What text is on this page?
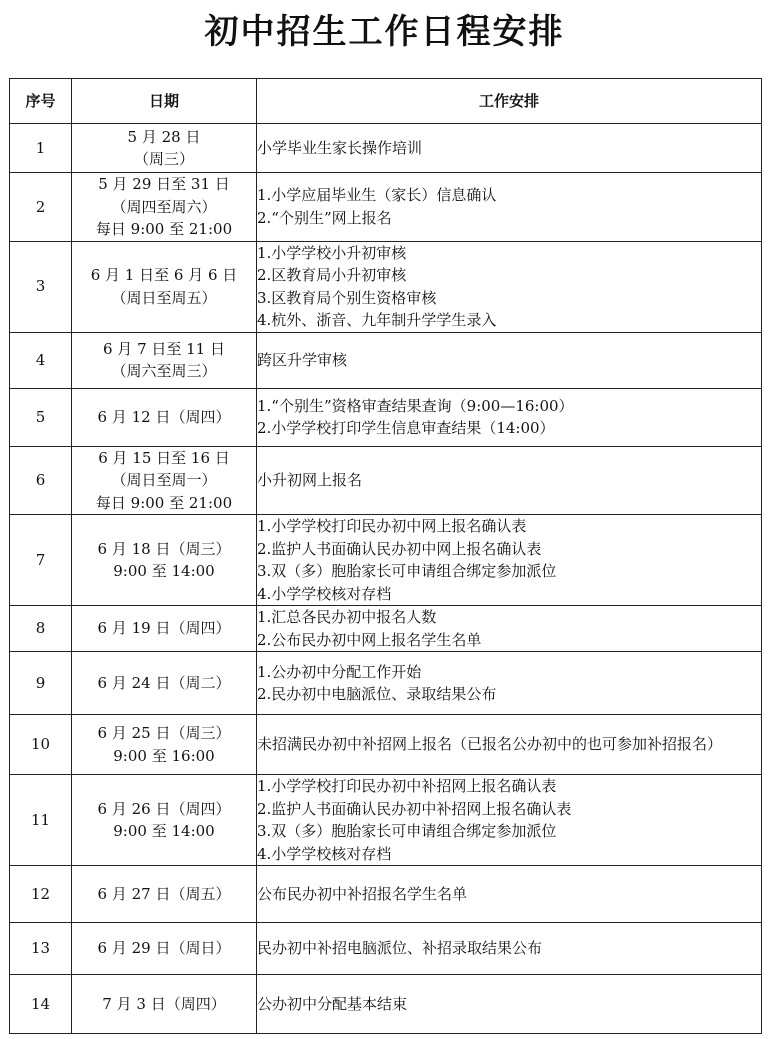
初中招生工作日程安排
序号	日期	工作安排
1	5 月 28 日
（周三）	小学毕业生家长操作培训

2	5 月 29 日至 31 日
（周四至周六）
每日 9:00 至 21:00	1.小学应届毕业生（家长）信息确认
2.“个别生”网上报名

3	6 月 1 日至 6 月 6 日
（周日至周五）	1.小学学校小升初审核
2.区教育局小升初审核
3.区教育局个别生资格审核
4.杭外、浙音、九年制升学学生录入

4	6 月 7 日至 11 日
（周六至周三）	跨区升学审核

5	6 月 12 日（周四）	1.“个别生”资格审查结果查询（9:00—16:00）
2.小学学校打印学生信息审查结果（14:00）

6	6 月 15 日至 16 日
（周日至周一）
每日 9:00 至 21:00	小升初网上报名

7	6 月 18 日（周三）
9:00 至 14:00	1.小学学校打印民办初中网上报名确认表
2.监护人书面确认民办初中网上报名确认表
3.双（多）胞胎家长可申请组合绑定参加派位
4.小学学校核对存档

8	6 月 19 日（周四）	1.汇总各民办初中报名人数
2.公布民办初中网上报名学生名单

9	6 月 24 日（周二）	1.公办初中分配工作开始
2.民办初中电脑派位、录取结果公布

10	6 月 25 日（周三）
9:00 至 16:00	未招满民办初中补招网上报名（已报名公办初中的也可参加补招报名）
11	6 月 26 日（周四）
9:00 至 14:00	1.小学学校打印民办初中补招网上报名确认表
2.监护人书面确认民办初中补招网上报名确认表
3.双（多）胞胎家长可申请组合绑定参加派位
4.小学学校核对存档

12	6 月 27 日（周五）	公布民办初中补招报名学生名单

13	6 月 29 日（周日）	民办初中补招电脑派位、补招录取结果公布

14	7 月 3 日（周四）	公办初中分配基本结束
